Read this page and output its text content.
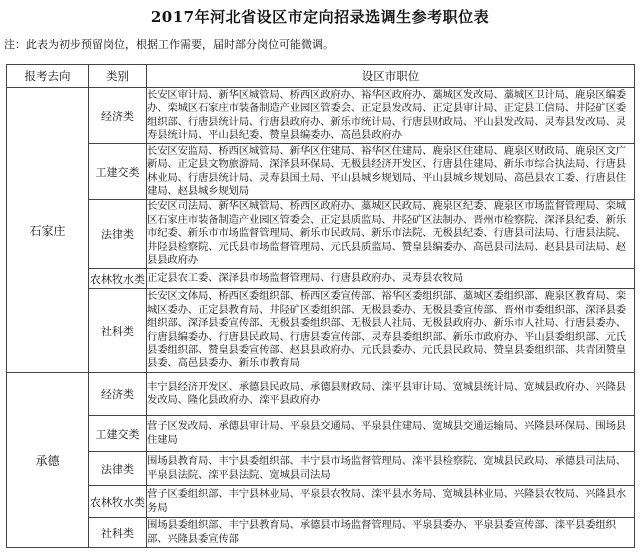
2017年河北省设区市定向招录选调生参考职位表
注：此表为初步预留岗位，根据工作需要，届时部分岗位可能微调。
报考去向	类别	设区市职位
石家庄	经济类	长安区审计局、新华区城管局、桥西区政府办、裕华区政府办、藁城区发改局、藁城区卫计局、鹿泉区编委办、栾城区石家庄市装备制造产业园区管委会、正定县发改局、正定县审计局、正定县工信局、井陉矿区委组织部、行唐县统计局、行唐县政府办、新乐市统计局、行唐县财政局、平山县发改局、灵寿县发改局、灵寿县统计局、平山县纪委、赞皇县编委办、高邑县政府办
	工建交类	长安区安监局、桥西区城管局、新华区住建局、裕华区住建局、鹿泉区住建局、鹿泉区财政局、鹿泉区文广新局、正定县文物旅游局、深泽县环保局、无极县经济开发区、行唐县住建局、新乐市综合执法局、行唐县林业局、行唐县统计局、灵寿县国土局、平山县城乡规划局、平山县城乡规划局、高邑县农工委、行唐县住建局、赵县城乡规划局
	法律类	长安区司法局、新华区城管局、桥西区政府办、藁城区民政局、鹿泉区纪委、鹿泉区市场监督管理局、栾城区石家庄市装备制造产业园区管委会、正定县质监局、井陉矿区法制办、晋州市检察院、深泽县纪委、新乐市纪委、新乐市市场监督管理局、新乐市民政局、新乐市法院、无极县纪委、行唐县司法局、行唐县法院、井陉县检察院、元氏县市场监督管理局、元氏县质监局、赞皇县编委办、高邑县司法局、赵县县司法局、赵县县政府办
	农林牧水类	正定县农工委、深泽县市场监督管理局、行唐县政府办、灵寿县农牧局
	社科类	长安区文体局、桥西区委组织部、桥西区委宣传部、裕华区委组织部、藁城区委组织部、鹿泉区教育局、栾城区委办、正定县教育局、井陉矿区委组织部、无极县委办、无极县委宣传部、晋州市委组织部、深泽县委组织部、深泽县委宣传部、无极县委组织部、无极县人社局、无极县政府办、新乐市人社局、行唐县委办、行唐县编委办、行唐县民政局、行唐县委宣传部、灵寿县委组织部、新乐市政府办、平山县委组织部、元氏县委组织部、赞皇县委宣传部、赵县县政府办、元氏县委办、元氏县民政局、赞皇县委组织部、共青团赞皇县委、高邑县委办、新乐市教育局
承德	经济类	丰宁县经济开发区、承德县民政局、承德县财政局、滦平县审计局、宽城县统计局、宽城县政府办、兴隆县发改局、隆化县政府办、滦平县政府办
	工建交类	营子区发改局、承德县审计局、平泉县交通局、平泉县住建局、宽城县交通运输局、兴隆县环保局、围场县住建局
	法律类	围场县教育局、丰宁县委组织部、丰宁县市场监督管理局、滦平县检察院、宽城县民政局、承德县司法局、平泉县法院、滦平县法院、宽城县司法局
	农林牧水类	营子区委组织部、丰宁县林业局、平泉县农牧局、滦平县水务局、宽城县林业局、兴隆县农牧局、兴隆县水务局
	社科类	围场县委组织部、丰宁县教育局、承德县市场监督管理局、平泉县委办、平泉县委宣传部、滦平县委组织部、兴隆县委宣传部
